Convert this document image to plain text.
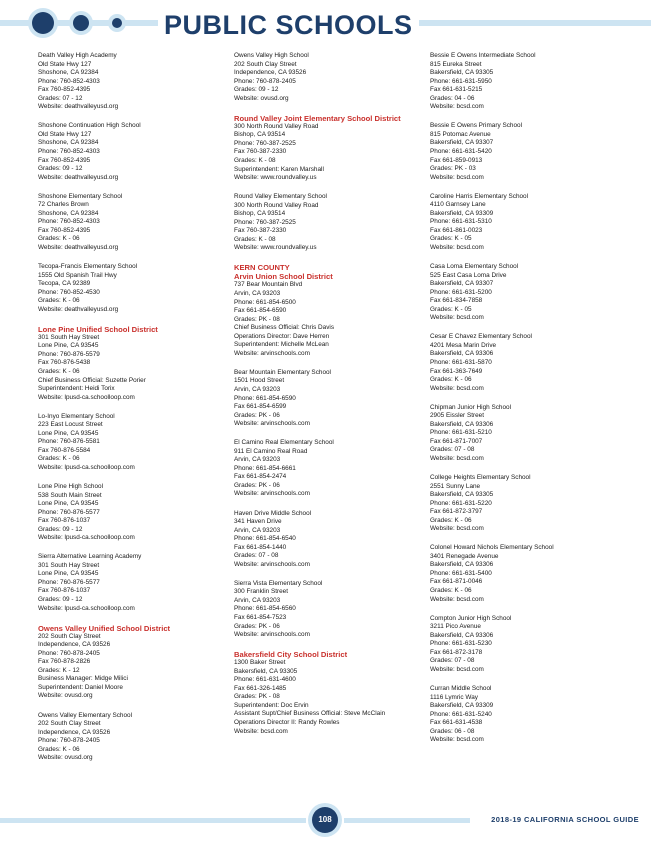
PUBLIC SCHOOLS
Death Valley High Academy
Old State Hwy 127
Shoshone, CA 92384
Phone: 760-852-4303
Fax 760-852-4395
Grades: 07 - 12
Website: deathvalleyusd.org
Shoshone Continuation High School
Old State Hwy 127
Shoshone, CA 92384
Phone: 760-852-4303
Fax 760-852-4395
Grades: 09 - 12
Website: deathvalleyusd.org
Shoshone Elementary School
72 Charles Brown
Shoshone, CA 92384
Phone: 760-852-4303
Fax 760-852-4395
Grades: K - 06
Website: deathvalleyusd.org
Tecopa-Francis Elementary School
1555 Old Spanish Trail Hwy
Tecopa, CA 92389
Phone: 760-852-4530
Grades: K - 06
Website: deathvalleyusd.org
Lone Pine Unified School District
301 South Hay Street
Lone Pine, CA 93545
Phone: 760-876-5579
Fax 760-876-5438
Grades: K - 06
Chief Business Official: Suzette Porier
Superintendent: Heidi Torix
Website: lpusd-ca.schoolloop.com
Lo-Inyo Elementary School
223 East Locust Street
Lone Pine, CA 93545
Phone: 760-876-5581
Fax 760-876-5584
Grades: K - 06
Website: lpusd-ca.schoolloop.com
Lone Pine High School
538 South Main Street
Lone Pine, CA 93545
Phone: 760-876-5577
Fax 760-876-1037
Grades: 09 - 12
Website: lpusd-ca.schoolloop.com
Sierra Alternative Learning Academy
301 South Hay Street
Lone Pine, CA 93545
Phone: 760-876-5577
Fax 760-876-1037
Grades: 09 - 12
Website: lpusd-ca.schoolloop.com
Owens Valley Unified School District
202 South Clay Street
Independence, CA 93526
Phone: 760-878-2405
Fax 760-878-2826
Grades: K - 12
Business Manager: Midge Milici
Superintendent: Daniel Moore
Website: ovusd.org
Owens Valley Elementary School
202 South Clay Street
Independence, CA 93526
Phone: 760-878-2405
Grades: K - 06
Website: ovusd.org
Owens Valley High School
202 South Clay Street
Independence, CA 93526
Phone: 760-878-2405
Grades: 09 - 12
Website: ovusd.org
Round Valley Joint Elementary School District
300 North Round Valley Road
Bishop, CA 93514
Phone: 760-387-2525
Fax 760-387-2330
Grades: K - 08
Superintendent: Karen Marshall
Website: www.roundvalley.us
Round Valley Elementary School
300 North Round Valley Road
Bishop, CA 93514
Phone: 760-387-2525
Fax 760-387-2330
Grades: K - 08
Website: www.roundvalley.us
KERN COUNTY
Arvin Union School District
737 Bear Mountain Blvd
Arvin, CA 93203
Phone: 661-854-6500
Fax 661-854-6590
Grades: PK - 08
Chief Business Official: Chris Davis
Operations Director: Dave Herren
Superintendent: Michelle McLean
Website: arvinschools.com
Bear Mountain Elementary School
1501 Hood Street
Arvin, CA 93203
Phone: 661-854-6590
Fax 661-854-6599
Grades: PK - 06
Website: arvinschools.com
El Camino Real Elementary School
911 El Camino Real Road
Arvin, CA 93203
Phone: 661-854-6661
Fax 661-854-2474
Grades: PK - 06
Website: arvinschools.com
Haven Drive Middle School
341 Haven Drive
Arvin, CA 93203
Phone: 661-854-6540
Fax 661-854-1440
Grades: 07 - 08
Website: arvinschools.com
Sierra Vista Elementary School
300 Franklin Street
Arvin, CA 93203
Phone: 661-854-6560
Fax 661-854-7523
Grades: PK - 06
Website: arvinschools.com
Bakersfield City School District
1300 Baker Street
Bakersfield, CA 93305
Phone: 661-631-4600
Fax 661-326-1485
Grades: PK - 08
Superintendent: Doc Ervin
Assistant Supt/Chief Business Official: Steve McClain
Operations Director II: Randy Rowles
Website: bcsd.com
Bessie E Owens Intermediate School
815 Eureka Street
Bakersfield, CA 93305
Phone: 661-631-5950
Fax 661-631-5215
Grades: 04 - 06
Website: bcsd.com
Bessie E Owens Primary School
815 Potomac Avenue
Bakersfield, CA 93307
Phone: 661-631-5420
Fax 661-859-0913
Grades: PK - 03
Website: bcsd.com
Caroline Harris Elementary School
4110 Garnsey Lane
Bakersfield, CA 93309
Phone: 661-631-5310
Fax 661-861-0023
Grades: K - 05
Website: bcsd.com
Casa Loma Elementary School
525 East Casa Loma Drive
Bakersfield, CA 93307
Phone: 661-631-5200
Fax 661-834-7858
Grades: K - 05
Website: bcsd.com
Cesar E Chavez Elementary School
4201 Mesa Marin Drive
Bakersfield, CA 93306
Phone: 661-631-5870
Fax 661-363-7649
Grades: K - 06
Website: bcsd.com
Chipman Junior High School
2905 Eissler Street
Bakersfield, CA 93306
Phone: 661-631-5210
Fax 661-871-7007
Grades: 07 - 08
Website: bcsd.com
College Heights Elementary School
2551 Sunny Lane
Bakersfield, CA 93305
Phone: 661-631-5220
Fax 661-872-3797
Grades: K - 06
Website: bcsd.com
Colonel Howard Nichols Elementary School
3401 Renegade Avenue
Bakersfield, CA 93306
Phone: 661-631-5400
Fax 661-871-0046
Grades: K - 06
Website: bcsd.com
Compton Junior High School
3211 Pico Avenue
Bakersfield, CA 93306
Phone: 661-631-5230
Fax 661-872-3178
Grades: 07 - 08
Website: bcsd.com
Curran Middle School
1116 Lymric Way
Bakersfield, CA 93309
Phone: 661-631-5240
Fax 661-631-4538
Grades: 06 - 08
Website: bcsd.com
108	2018-19 CALIFORNIA SCHOOL GUIDE
